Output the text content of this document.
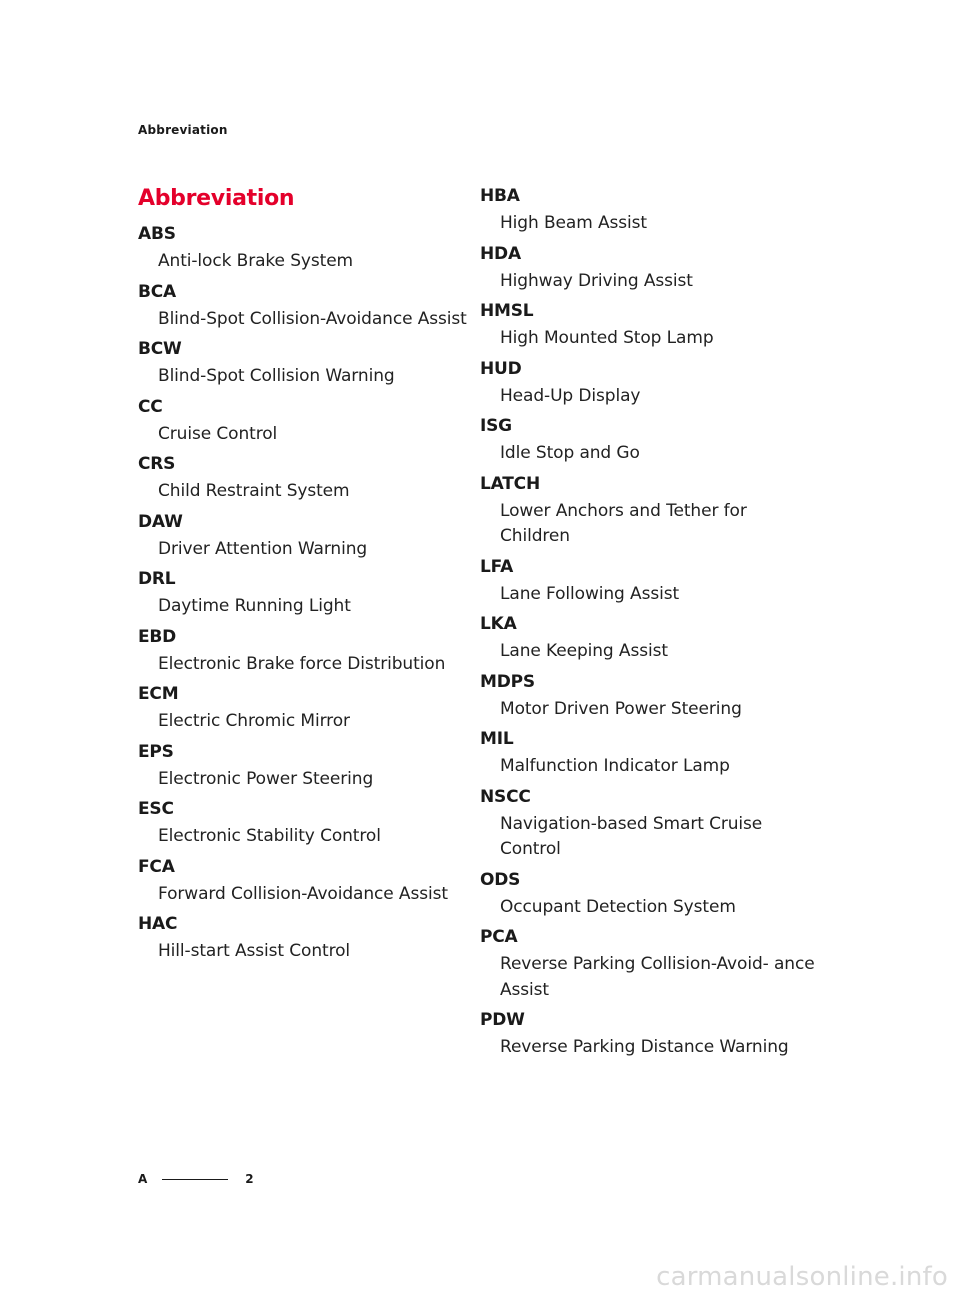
Abbreviation
Abbreviation
ABS
Anti-lock Brake System
BCA
Blind-Spot Collision-Avoidance Assist
BCW
Blind-Spot Collision Warning
CC
Cruise Control
CRS
Child Restraint System
DAW
Driver Attention Warning
DRL
Daytime Running Light
EBD
Electronic Brake force Distribution
ECM
Electric Chromic Mirror
EPS
Electronic Power Steering
ESC
Electronic Stability Control
FCA
Forward Collision-Avoidance Assist
HAC
Hill-start Assist Control
HBA
High Beam Assist
HDA
Highway Driving Assist
HMSL
High Mounted Stop Lamp
HUD
Head-Up Display
ISG
Idle Stop and Go
LATCH
Lower Anchors and Tether for Children
LFA
Lane Following Assist
LKA
Lane Keeping Assist
MDPS
Motor Driven Power Steering
MIL
Malfunction Indicator Lamp
NSCC
Navigation-based Smart Cruise Control
ODS
Occupant Detection System
PCA
Reverse Parking Collision-Avoid- ance Assist
PDW
Reverse Parking Distance Warning
A	2
carmanualsonline.info
